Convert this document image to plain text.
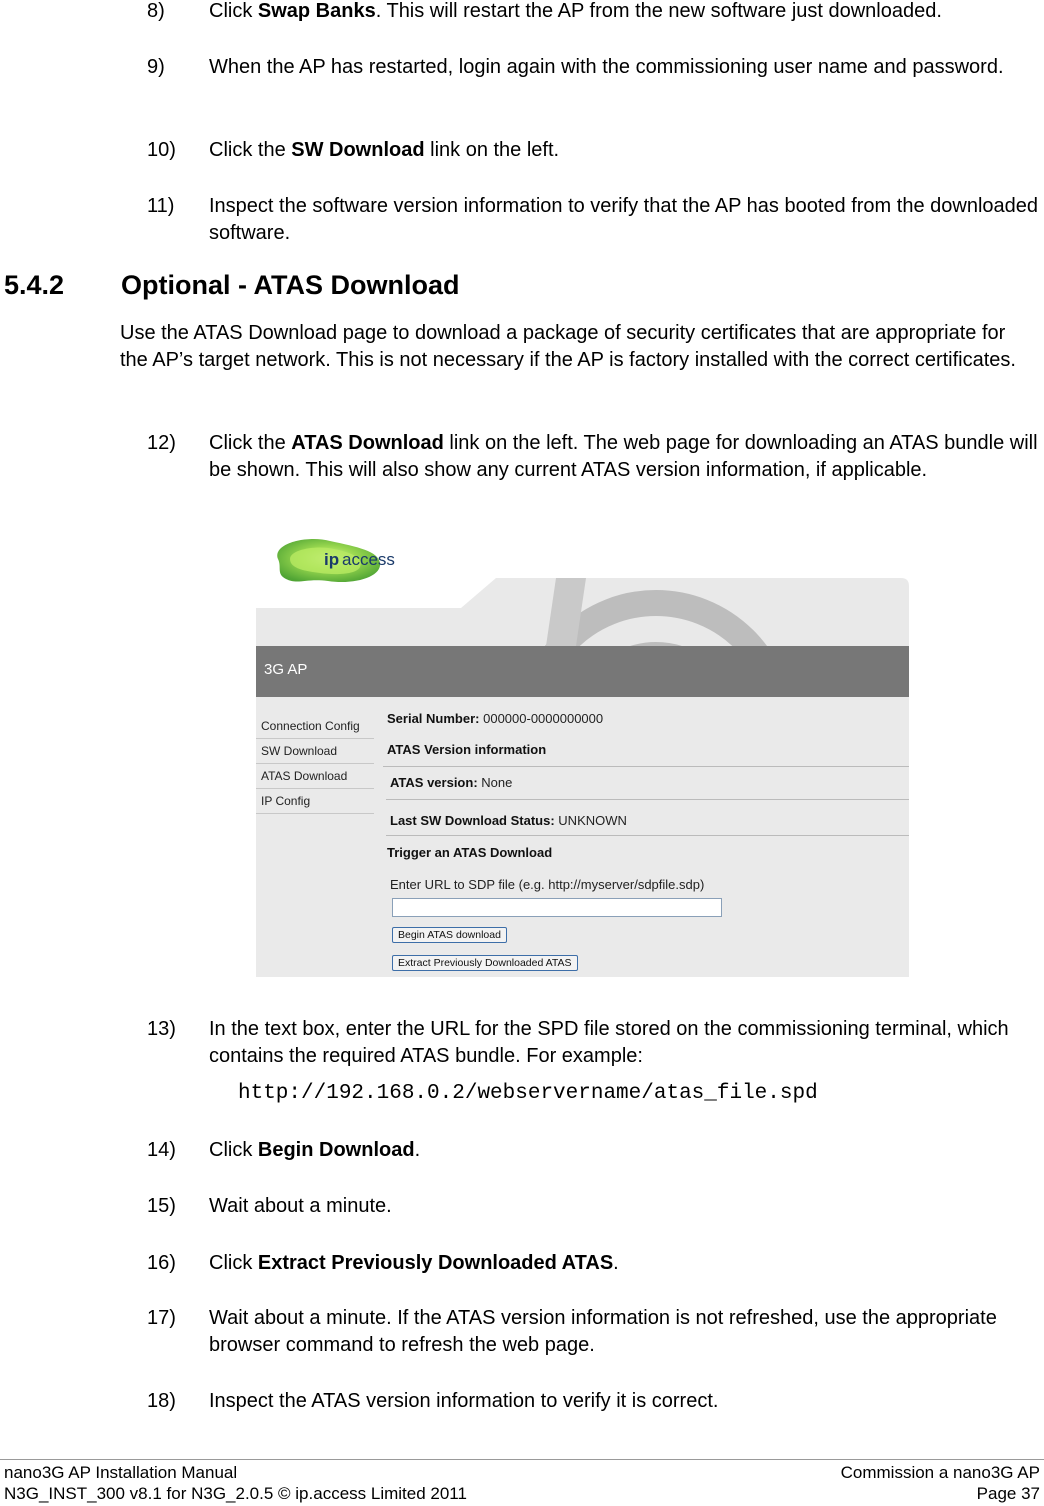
8) Click Swap Banks. This will restart the AP from the new software just downloaded.
9) When the AP has restarted, login again with the commissioning user name and password.
10) Click the SW Download link on the left.
11) Inspect the software version information to verify that the AP has booted from the downloaded software.
5.4.2 Optional - ATAS Download
Use the ATAS Download page to download a package of security certificates that are appropriate for the AP’s target network. This is not necessary if the AP is factory installed with the correct certificates.
12) Click the ATAS Download link on the left. The web page for downloading an ATAS bundle will be shown. This will also show any current ATAS version information, if applicable.
ip access
3G AP
Connection Config
SW Download
ATAS Download
IP Config
Serial Number: 000000-0000000000
ATAS Version information
ATAS version: None
Last SW Download Status: UNKNOWN
Trigger an ATAS Download
Enter URL to SDP file (e.g. http://myserver/sdpfile.sdp)
Begin ATAS download
Extract Previously Downloaded ATAS
13) In the text box, enter the URL for the SPD file stored on the commissioning terminal, which contains the required ATAS bundle. For example:
http://192.168.0.2/webservername/atas_file.spd
14) Click Begin Download.
15) Wait about a minute.
16) Click Extract Previously Downloaded ATAS.
17) Wait about a minute. If the ATAS version information is not refreshed, use the appropriate browser command to refresh the web page.
18) Inspect the ATAS version information to verify it is correct.
nano3G AP Installation Manual
N3G_INST_300 v8.1 for N3G_2.0.5 © ip.access Limited 2011
Commission a nano3G AP
Page 37
